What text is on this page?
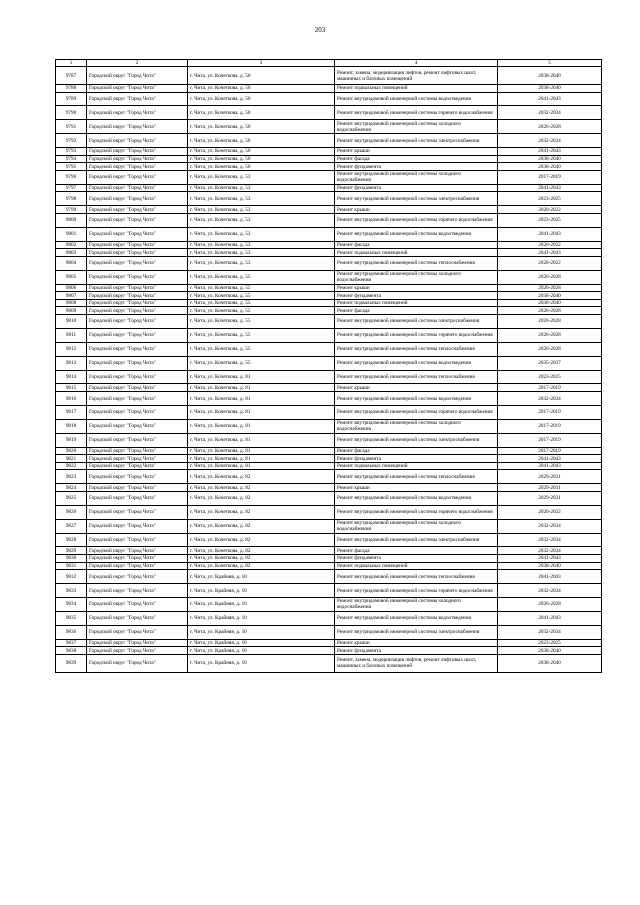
203
1	2	3	4	5
9787	Городской округ "Город Чита"	г. Чита, ул. Кочеткова, д. 50	Ремонт, замена, модернизация лифтов, ремонт лифтовых шахт, машинных и блочных помещений	2038-2040
9788	Городской округ "Город Чита"	г. Чита, ул. Кочеткова, д. 50	Ремонт подвальных помещений	2038-2040
9789	Городской округ "Город Чита"	г. Чита, ул. Кочеткова, д. 50	Ремонт внутридомовой инженерной системы водоотведения	2041-2043
9790	Городской округ "Город Чита"	г. Чита, ул. Кочеткова, д. 50	Ремонт внутридомовой инженерной системы горячего водоснабжения	2032-2034
9791	Городской округ "Город Чита"	г. Чита, ул. Кочеткова, д. 50	Ремонт внутридомовой инженерной системы холодного водоснабжения	2026-2028
9792	Городской округ "Город Чита"	г. Чита, ул. Кочеткова, д. 50	Ремонт внутридомовой инженерной системы электроснабжения	2032-2034
9793	Городской округ "Город Чита"	г. Чита, ул. Кочеткова, д. 50	Ремонт крыши	2041-2043
9794	Городской округ "Город Чита"	г. Чита, ул. Кочеткова, д. 50	Ремонт фасада	2038-2040
9795	Городской округ "Город Чита"	г. Чита, ул. Кочеткова, д. 50	Ремонт фундамента	2038-2040
9796	Городской округ "Город Чита"	г. Чита, ул. Кочеткова, д. 53	Ремонт внутридомовой инженерной системы холодного водоснабжения	2017-2019
9797	Городской округ "Город Чита"	г. Чита, ул. Кочеткова, д. 53	Ремонт фундамента	2041-2043
9798	Городской округ "Город Чита"	г. Чита, ул. Кочеткова, д. 53	Ремонт внутридомовой инженерной системы электроснабжения	2023-2025
9799	Городской округ "Город Чита"	г. Чита, ул. Кочеткова, д. 53	Ремонт крыши	2020-2022
9800	Городской округ "Город Чита"	г. Чита, ул. Кочеткова, д. 53	Ремонт внутридомовой инженерной системы горячего водоснабжения	2023-2025
9801	Городской округ "Город Чита"	г. Чита, ул. Кочеткова, д. 53	Ремонт внутридомовой инженерной системы водоотведения	2041-2043
9802	Городской округ "Город Чита"	г. Чита, ул. Кочеткова, д. 53	Ремонт фасада	2020-2022
9803	Городской округ "Город Чита"	г. Чита, ул. Кочеткова, д. 53	Ремонт подвальных помещений	2041-2043
9804	Городской округ "Город Чита"	г. Чита, ул. Кочеткова, д. 53	Ремонт внутридомовой инженерной системы теплоснабжения	2020-2022
9805	Городской округ "Город Чита"	г. Чита, ул. Кочеткова, д. 55	Ремонт внутридомовой инженерной системы холодного водоснабжения	2026-2028
9806	Городской округ "Город Чита"	г. Чита, ул. Кочеткова, д. 55	Ремонт крыши	2026-2028
9807	Городской округ "Город Чита"	г. Чита, ул. Кочеткова, д. 55	Ремонт фундамента	2038-2040
9808	Городской округ "Город Чита"	г. Чита, ул. Кочеткова, д. 55	Ремонт подвальных помещений	2038-2040
9809	Городской округ "Город Чита"	г. Чита, ул. Кочеткова, д. 55	Ремонт фасада	2026-2028
9810	Городской округ "Город Чита"	г. Чита, ул. Кочеткова, д. 55	Ремонт внутридомовой инженерной системы электроснабжения	2026-2028
9811	Городской округ "Город Чита"	г. Чита, ул. Кочеткова, д. 55	Ремонт внутридомовой инженерной системы горячего водоснабжения	2026-2028
9812	Городской округ "Город Чита"	г. Чита, ул. Кочеткова, д. 55	Ремонт внутридомовой инженерной системы теплоснабжения	2026-2028
9813	Городской округ "Город Чита"	г. Чита, ул. Кочеткова, д. 55	Ремонт внутридомовой инженерной системы водоотведения	2035-2037
9814	Городской округ "Город Чита"	г. Чита, ул. Кочеткова, д. 81	Ремонт внутридомовой инженерной системы теплоснабжения	2023-2025
9815	Городской округ "Город Чита"	г. Чита, ул. Кочеткова, д. 81	Ремонт крыши	2017-2019
9816	Городской округ "Город Чита"	г. Чита, ул. Кочеткова, д. 81	Ремонт внутридомовой инженерной системы водоотведения	2032-2034
9817	Городской округ "Город Чита"	г. Чита, ул. Кочеткова, д. 81	Ремонт внутридомовой инженерной системы горячего водоснабжения	2017-2019
9818	Городской округ "Город Чита"	г. Чита, ул. Кочеткова, д. 81	Ремонт внутридомовой инженерной системы холодного водоснабжения	2017-2019
9819	Городской округ "Город Чита"	г. Чита, ул. Кочеткова, д. 81	Ремонт внутридомовой инженерной системы электроснабжения	2017-2019
9820	Городской округ "Город Чита"	г. Чита, ул. Кочеткова, д. 81	Ремонт фасада	2017-2019
9821	Городской округ "Город Чита"	г. Чита, ул. Кочеткова, д. 81	Ремонт фундамента	2041-2043
9822	Городской округ "Город Чита"	г. Чита, ул. Кочеткова, д. 81	Ремонт подвальных помещений	2041-2043
9823	Городской округ "Город Чита"	г. Чита, ул. Кочеткова, д. 82	Ремонт внутридомовой инженерной системы теплоснабжения	2029-2031
9824	Городской округ "Город Чита"	г. Чита, ул. Кочеткова, д. 82	Ремонт крыши	2029-2031
9825	Городской округ "Город Чита"	г. Чита, ул. Кочеткова, д. 82	Ремонт внутридомовой инженерной системы водоотведения	2029-2031
9826	Городской округ "Город Чита"	г. Чита, ул. Кочеткова, д. 82	Ремонт внутридомовой инженерной системы горячего водоснабжения	2020-2022
9827	Городской округ "Город Чита"	г. Чита, ул. Кочеткова, д. 82	Ремонт внутридомовой инженерной системы холодного водоснабжения	2032-2034
9828	Городской округ "Город Чита"	г. Чита, ул. Кочеткова, д. 82	Ремонт внутридомовой инженерной системы электроснабжения	2032-2034
9829	Городской округ "Город Чита"	г. Чита, ул. Кочеткова, д. 82	Ремонт фасада	2032-2034
9830	Городской округ "Город Чита"	г. Чита, ул. Кочеткова, д. 82	Ремонт фундамента	2041-2043
9831	Городской округ "Город Чита"	г. Чита, ул. Кочеткова, д. 82	Ремонт подвальных помещений	2038-2040
9832	Городской округ "Город Чита"	г. Чита, ул. Крайняя, д. 10	Ремонт внутридомовой инженерной системы теплоснабжения	2041-2043
9833	Городской округ "Город Чита"	г. Чита, ул. Крайняя, д. 10	Ремонт внутридомовой инженерной системы горячего водоснабжения	2032-2034
9834	Городской округ "Город Чита"	г. Чита, ул. Крайняя, д. 10	Ремонт внутридомовой инженерной системы холодного водоснабжения	2026-2028
9835	Городской округ "Город Чита"	г. Чита, ул. Крайняя, д. 10	Ремонт внутридомовой инженерной системы водоотведения	2041-2043
9836	Городской округ "Город Чита"	г. Чита, ул. Крайняя, д. 10	Ремонт внутридомовой инженерной системы электроснабжения	2032-2034
9837	Городской округ "Город Чита"	г. Чита, ул. Крайняя, д. 10	Ремонт крыши	2023-2025
9838	Городской округ "Город Чита"	г. Чита, ул. Крайняя, д. 10	Ремонт фундамента	2038-2040
9839	Городской округ "Город Чита"	г. Чита, ул. Крайняя, д. 10	Ремонт, замена, модернизация лифтов, ремонт лифтовых шахт, машинных и блочных помещений	2038-2040
